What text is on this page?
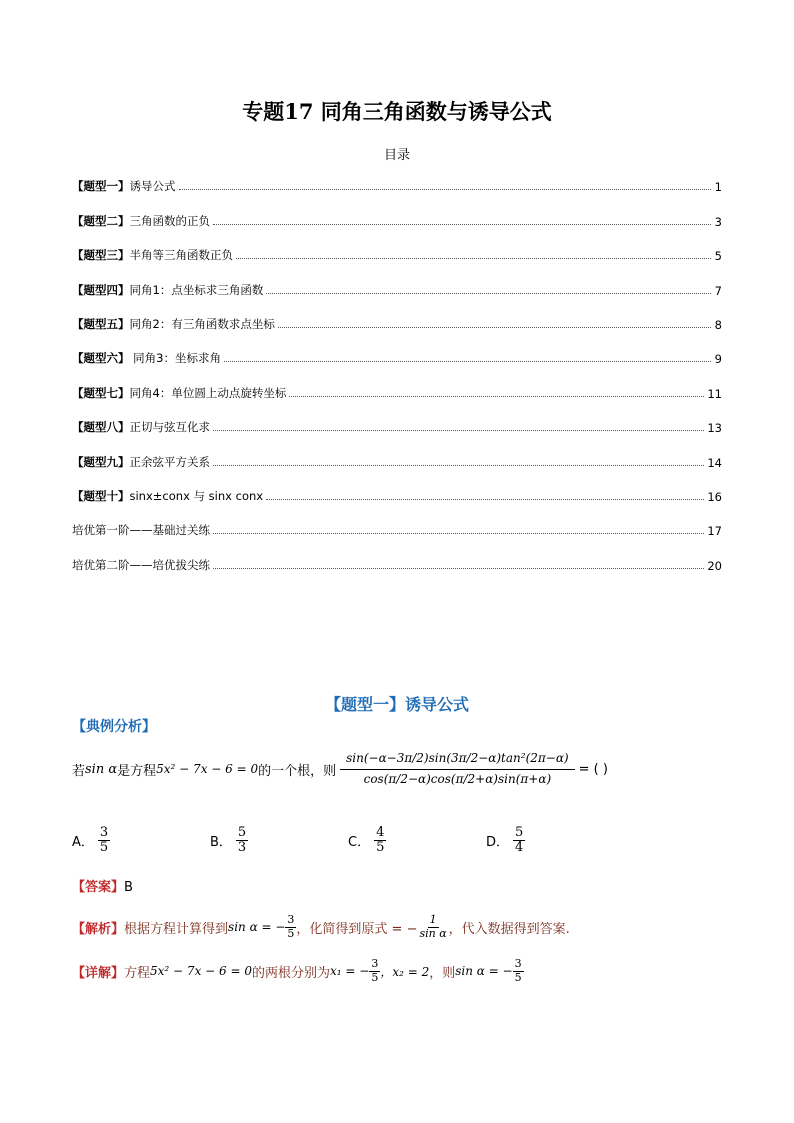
专题17 同角三角函数与诱导公式
目录
【题型一】诱导公式	1
【题型二】三角函数的正负	3
【题型三】半角等三角函数正负	5
【题型四】同角1：点坐标求三角函数	7
【题型五】同角2：有三角函数求点坐标	8
【题型六】 同角3：坐标求角	9
【题型七】同角4：单位圆上动点旋转坐标	11
【题型八】正切与弦互化求	13
【题型九】正余弦平方关系	14
【题型十】sinx±conx 与 sinx conx	16
培优第一阶——基础过关练	17
培优第二阶——培优拔尖练	20
【题型一】诱导公式
【典例分析】
若 sin α 是方程 5x² − 7x − 6 = 0 的一个根，则 $\frac{\text{sin(−α−3π/2)sin(3π/2−α)tan²(2π−α)}}{\cos(\pi/2-\alpha)\cos(\pi/2+\alpha)\sin(\pi+\alpha)}$ = ( )
A． $\frac{3}{5}$	B． $\frac{5}{3}$	C． $\frac{4}{5}$	D． $\frac{5}{4}$
【答案】B
【解析】 根据方程计算得到 sin α = − $\frac{3}{5}$ ，化简得到原式 = − $\frac{1}{\text{sin α}}$ ，代入数据得到答案.
【详解】 方程 5x² − 7x − 6 = 0 的两根分别为 x₁ = − $\frac{3}{5}$ ，x₂ = 2 ，则 sin α = − $\frac{3}{5}$
